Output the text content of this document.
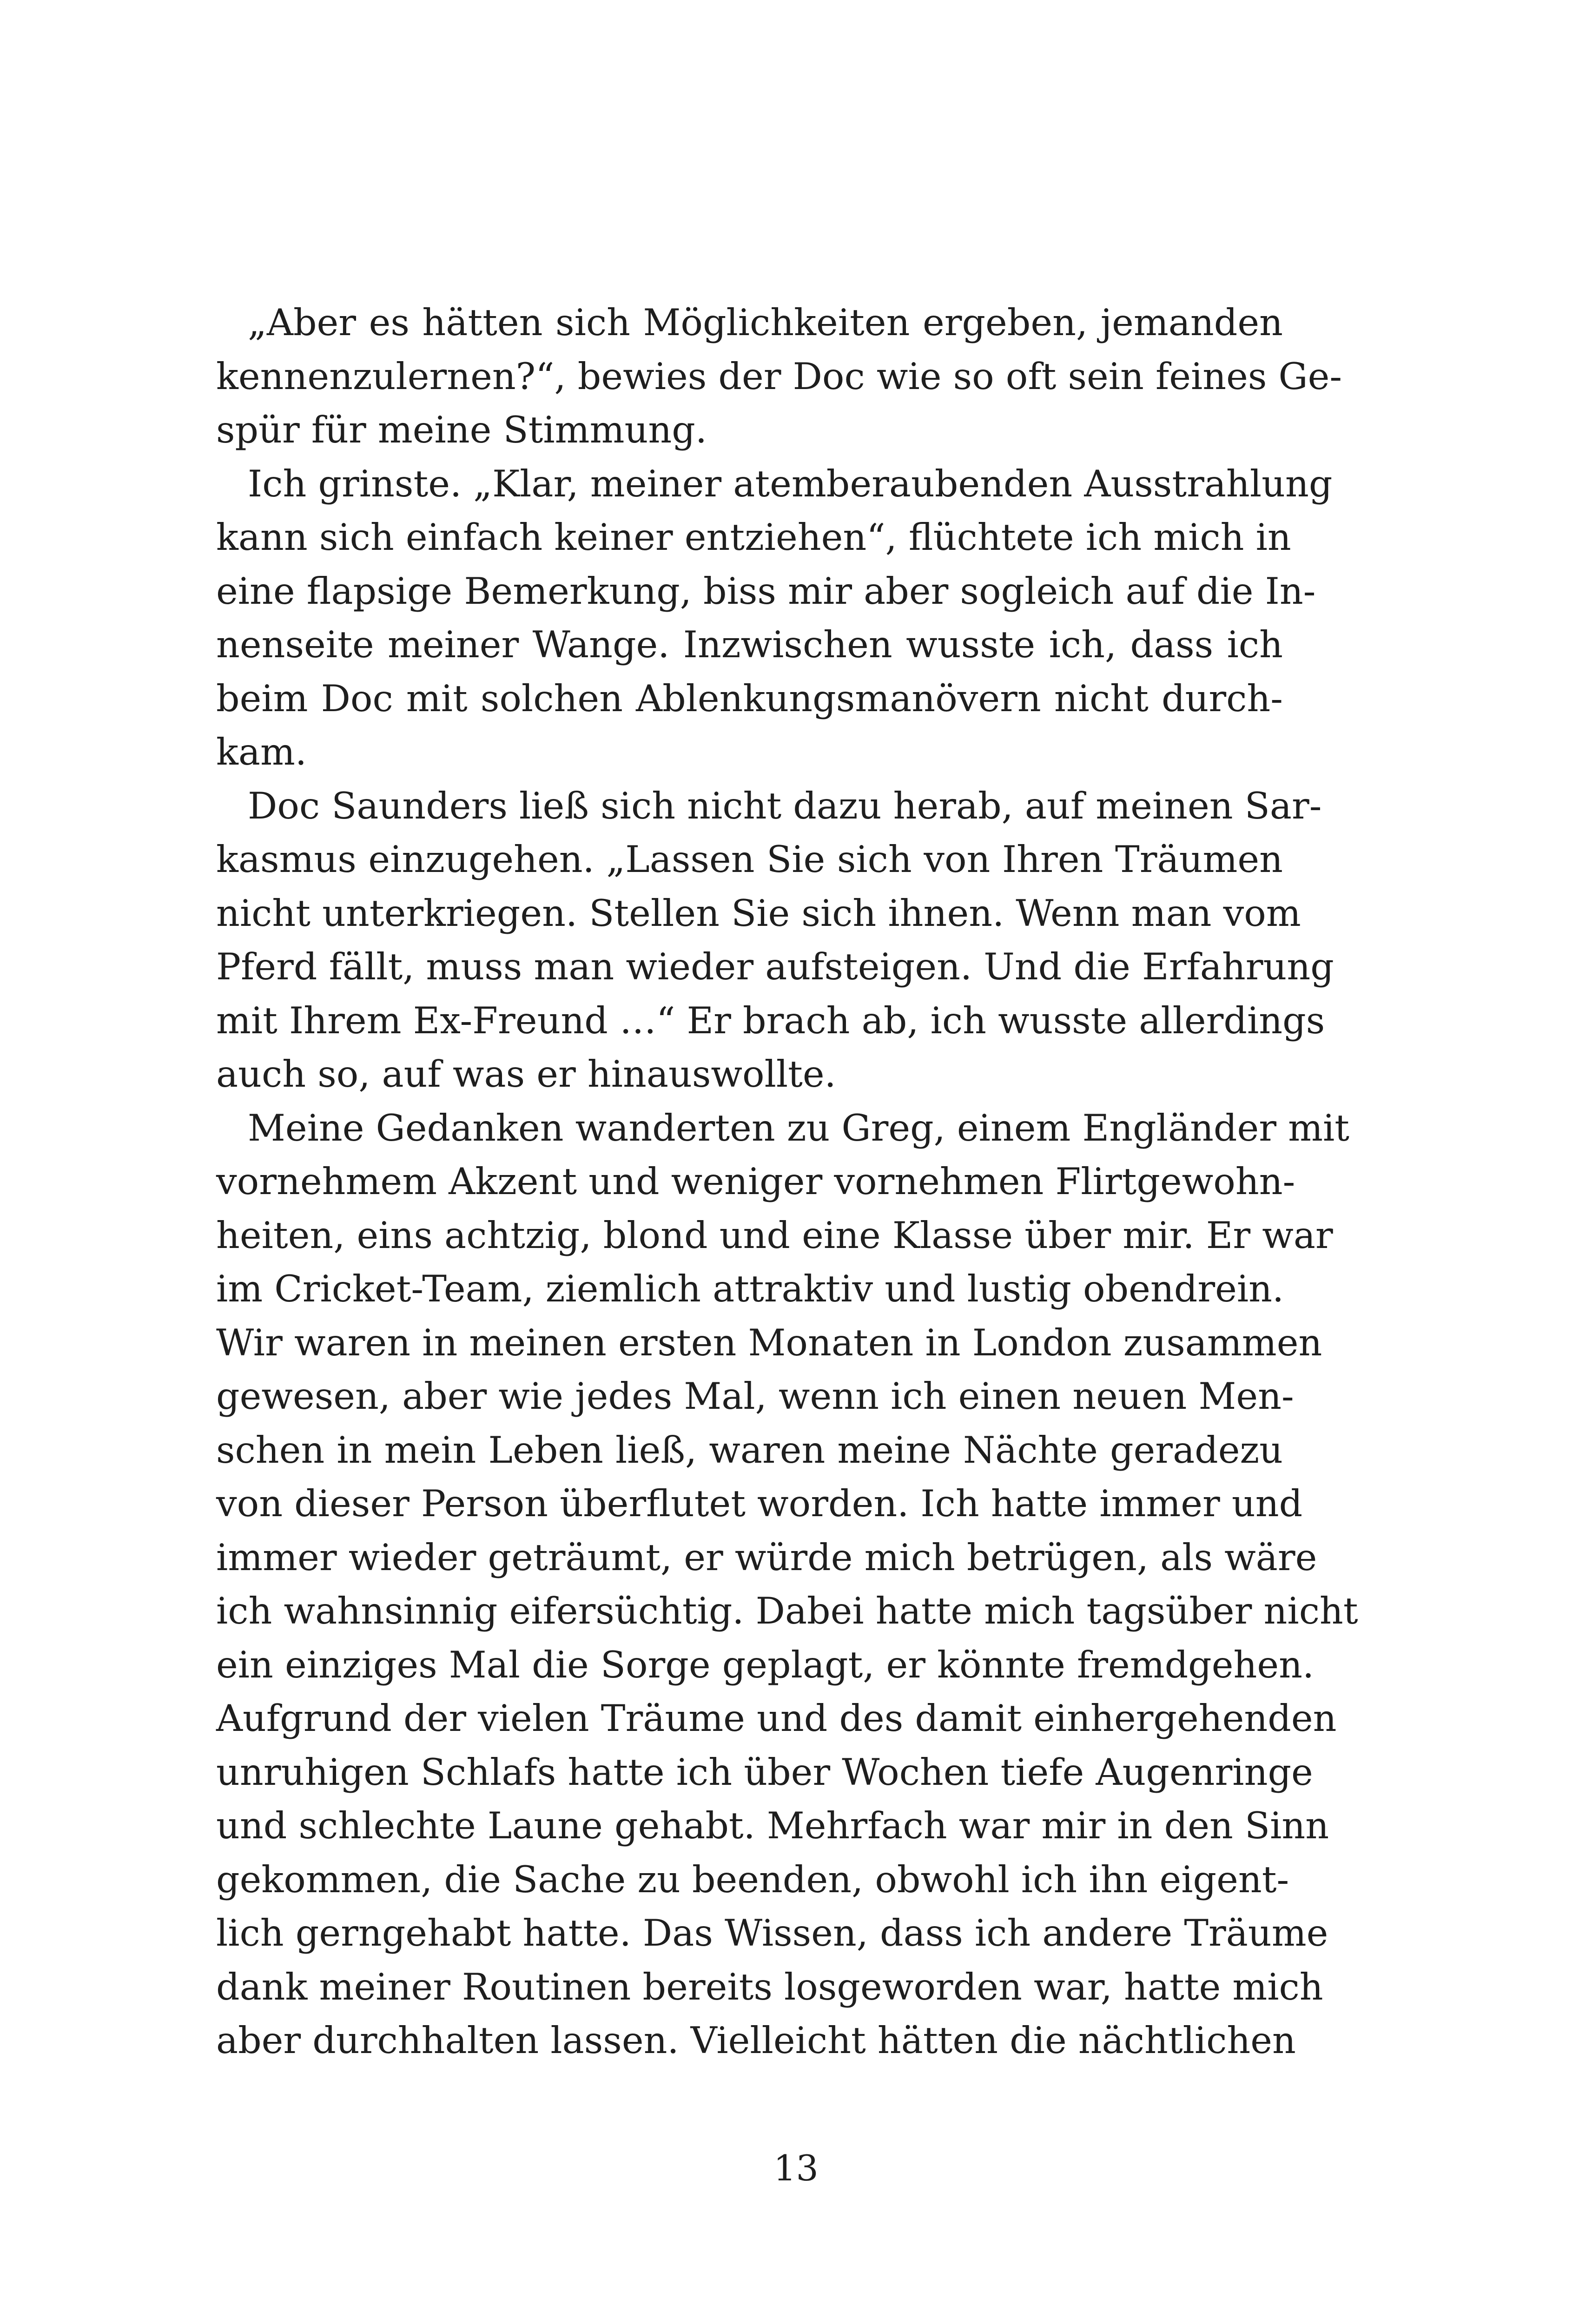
„Aber es hätten sich Möglichkeiten ergeben, jemanden
kennenzulernen?“, bewies der Doc wie so oft sein feines Ge-
spür für meine Stimmung.
Ich grinste. „Klar, meiner atemberaubenden Ausstrahlung
kann sich einfach keiner entziehen“, flüchtete ich mich in
eine flapsige Bemerkung, biss mir aber sogleich auf die In-
nenseite meiner Wange. Inzwischen wusste ich, dass ich
beim Doc mit solchen Ablenkungsmanövern nicht durch-
kam.
Doc Saunders ließ sich nicht dazu herab, auf meinen Sar-
kasmus einzugehen. „Lassen Sie sich von Ihren Träumen
nicht unterkriegen. Stellen Sie sich ihnen. Wenn man vom
Pferd fällt, muss man wieder aufsteigen. Und die Erfahrung
mit Ihrem Ex-Freund …“ Er brach ab, ich wusste allerdings
auch so, auf was er hinauswollte.
Meine Gedanken wanderten zu Greg, einem Engländer mit
vornehmem Akzent und weniger vornehmen Flirtgewohn-
heiten, eins achtzig, blond und eine Klasse über mir. Er war
im Cricket-Team, ziemlich attraktiv und lustig obendrein.
Wir waren in meinen ersten Monaten in London zusammen
gewesen, aber wie jedes Mal, wenn ich einen neuen Men-
schen in mein Leben ließ, waren meine Nächte geradezu
von dieser Person überflutet worden. Ich hatte immer und
immer wieder geträumt, er würde mich betrügen, als wäre
ich wahnsinnig eifersüchtig. Dabei hatte mich tagsüber nicht
ein einziges Mal die Sorge geplagt, er könnte fremdgehen.
Aufgrund der vielen Träume und des damit einhergehenden
unruhigen Schlafs hatte ich über Wochen tiefe Augenringe
und schlechte Laune gehabt. Mehrfach war mir in den Sinn
gekommen, die Sache zu beenden, obwohl ich ihn eigent-
lich gerngehabt hatte. Das Wissen, dass ich andere Träume
dank meiner Routinen bereits losgeworden war, hatte mich
aber durchhalten lassen. Vielleicht hätten die nächtlichen
13
